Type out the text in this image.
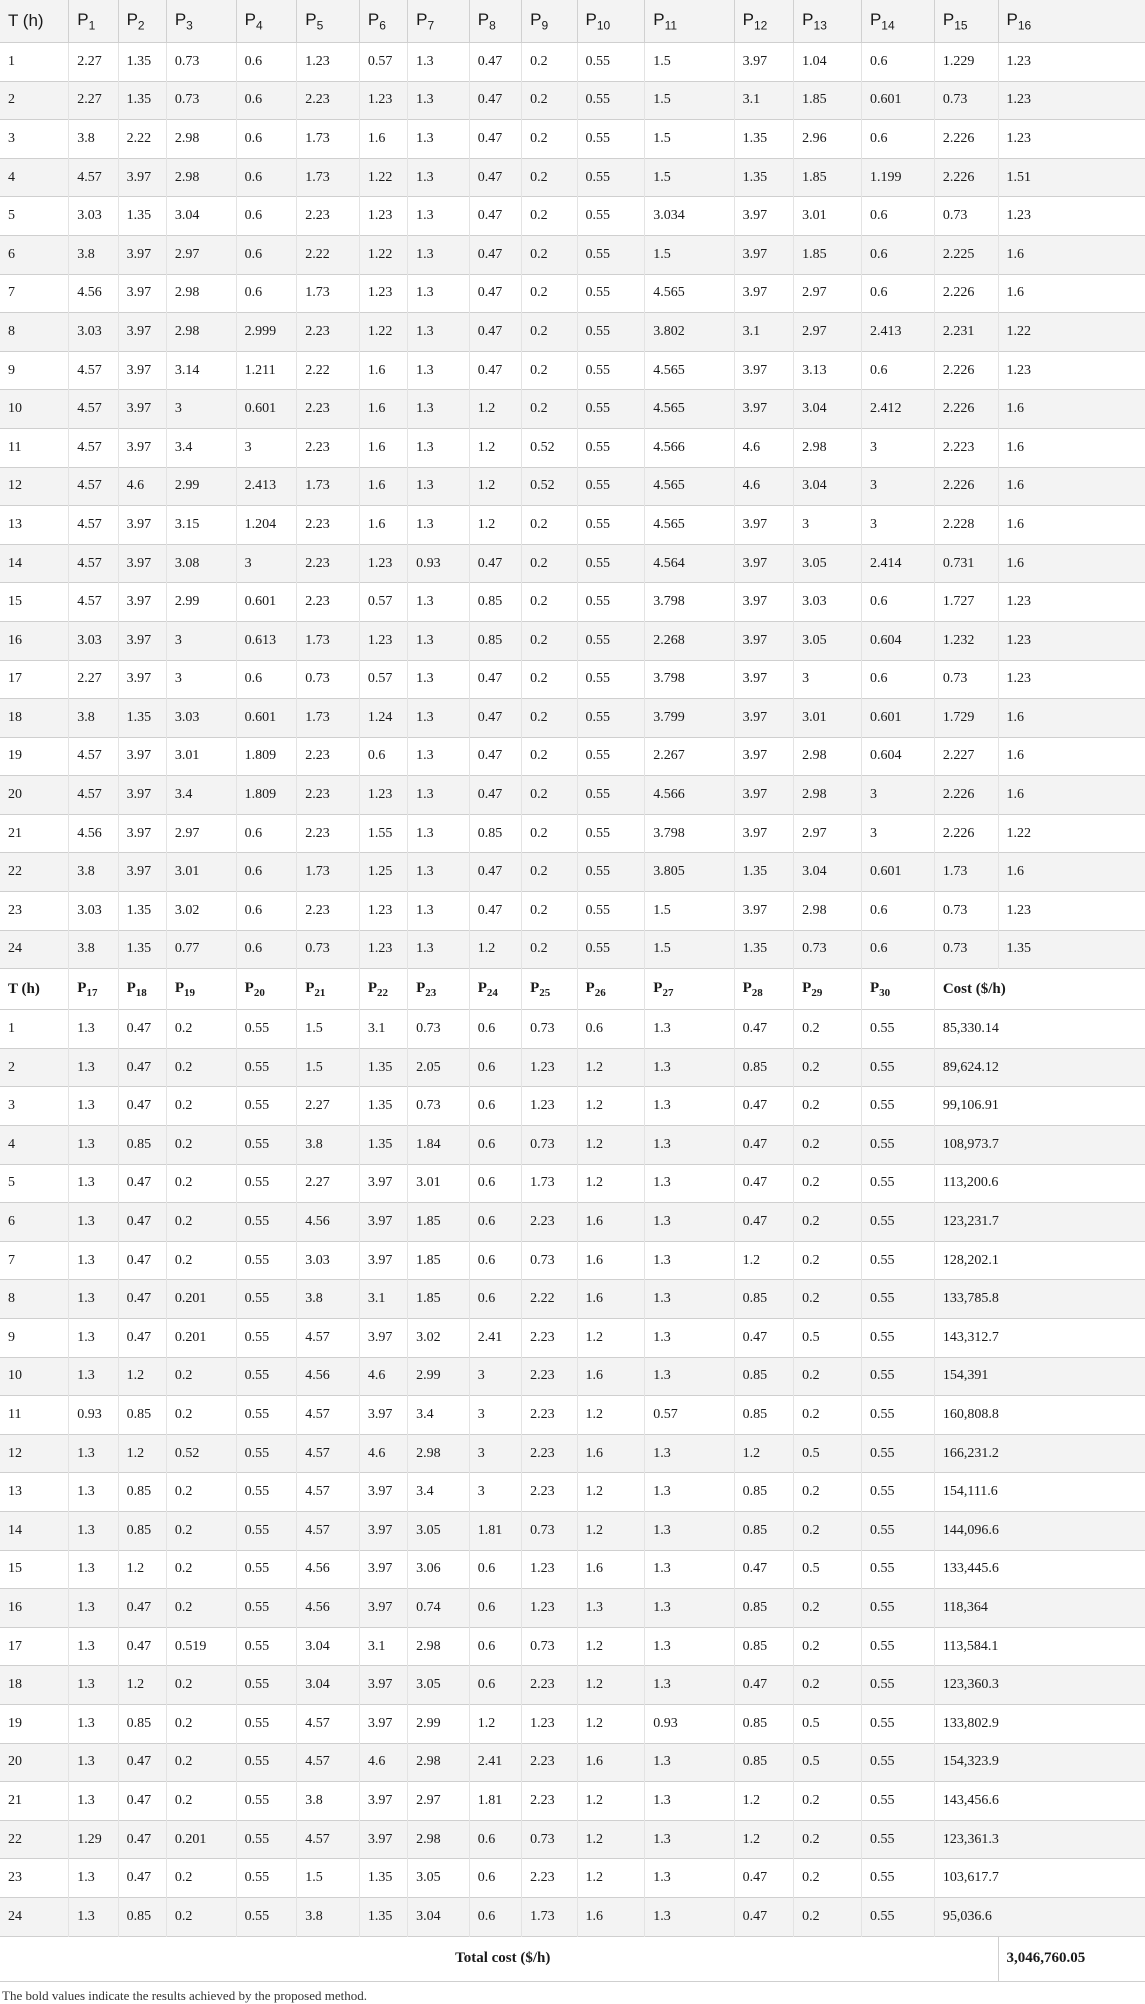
T (h)	$P_1$	$P_2$	$P_3$	$P_4$	$P_5$	$P_6$	$P_7$	$P_8$	$P_9$	$P_{10}$	$P_{11}$	$P_{12}$	$P_{13}$	$P_{14}$	$P_{15}$	$P_{16}$
1	2.27	1.35	0.73	0.6	1.23	0.57	1.3	0.47	0.2	0.55	1.5	3.97	1.04	0.6	1.229	1.23
2	2.27	1.35	0.73	0.6	2.23	1.23	1.3	0.47	0.2	0.55	1.5	3.1	1.85	0.601	0.73	1.23
3	3.8	2.22	2.98	0.6	1.73	1.6	1.3	0.47	0.2	0.55	1.5	1.35	2.96	0.6	2.226	1.23
4	4.57	3.97	2.98	0.6	1.73	1.22	1.3	0.47	0.2	0.55	1.5	1.35	1.85	1.199	2.226	1.51
5	3.03	1.35	3.04	0.6	2.23	1.23	1.3	0.47	0.2	0.55	3.034	3.97	3.01	0.6	0.73	1.23
6	3.8	3.97	2.97	0.6	2.22	1.22	1.3	0.47	0.2	0.55	1.5	3.97	1.85	0.6	2.225	1.6
7	4.56	3.97	2.98	0.6	1.73	1.23	1.3	0.47	0.2	0.55	4.565	3.97	2.97	0.6	2.226	1.6
8	3.03	3.97	2.98	2.999	2.23	1.22	1.3	0.47	0.2	0.55	3.802	3.1	2.97	2.413	2.231	1.22
9	4.57	3.97	3.14	1.211	2.22	1.6	1.3	0.47	0.2	0.55	4.565	3.97	3.13	0.6	2.226	1.23
10	4.57	3.97	3	0.601	2.23	1.6	1.3	1.2	0.2	0.55	4.565	3.97	3.04	2.412	2.226	1.6
11	4.57	3.97	3.4	3	2.23	1.6	1.3	1.2	0.52	0.55	4.566	4.6	2.98	3	2.223	1.6
12	4.57	4.6	2.99	2.413	1.73	1.6	1.3	1.2	0.52	0.55	4.565	4.6	3.04	3	2.226	1.6
13	4.57	3.97	3.15	1.204	2.23	1.6	1.3	1.2	0.2	0.55	4.565	3.97	3	3	2.228	1.6
14	4.57	3.97	3.08	3	2.23	1.23	0.93	0.47	0.2	0.55	4.564	3.97	3.05	2.414	0.731	1.6
15	4.57	3.97	2.99	0.601	2.23	0.57	1.3	0.85	0.2	0.55	3.798	3.97	3.03	0.6	1.727	1.23
16	3.03	3.97	3	0.613	1.73	1.23	1.3	0.85	0.2	0.55	2.268	3.97	3.05	0.604	1.232	1.23
17	2.27	3.97	3	0.6	0.73	0.57	1.3	0.47	0.2	0.55	3.798	3.97	3	0.6	0.73	1.23
18	3.8	1.35	3.03	0.601	1.73	1.24	1.3	0.47	0.2	0.55	3.799	3.97	3.01	0.601	1.729	1.6
19	4.57	3.97	3.01	1.809	2.23	0.6	1.3	0.47	0.2	0.55	2.267	3.97	2.98	0.604	2.227	1.6
20	4.57	3.97	3.4	1.809	2.23	1.23	1.3	0.47	0.2	0.55	4.566	3.97	2.98	3	2.226	1.6
21	4.56	3.97	2.97	0.6	2.23	1.55	1.3	0.85	0.2	0.55	3.798	3.97	2.97	3	2.226	1.22
22	3.8	3.97	3.01	0.6	1.73	1.25	1.3	0.47	0.2	0.55	3.805	1.35	3.04	0.601	1.73	1.6
23	3.03	1.35	3.02	0.6	2.23	1.23	1.3	0.47	0.2	0.55	1.5	3.97	2.98	0.6	0.73	1.23
24	3.8	1.35	0.77	0.6	0.73	1.23	1.3	1.2	0.2	0.55	1.5	1.35	0.73	0.6	0.73	1.35
T (h)	$P_{17}$	$P_{18}$	$P_{19}$	$P_{20}$	$P_{21}$	$P_{22}$	$P_{23}$	$P_{24}$	$P_{25}$	$P_{26}$	$P_{27}$	$P_{28}$	$P_{29}$	$P_{30}$	Cost ($/h)	
1	1.3	0.47	0.2	0.55	1.5	3.1	0.73	0.6	0.73	0.6	1.3	0.47	0.2	0.55	85,330.14	
2	1.3	0.47	0.2	0.55	1.5	1.35	2.05	0.6	1.23	1.2	1.3	0.85	0.2	0.55	89,624.12	
3	1.3	0.47	0.2	0.55	2.27	1.35	0.73	0.6	1.23	1.2	1.3	0.47	0.2	0.55	99,106.91	
4	1.3	0.85	0.2	0.55	3.8	1.35	1.84	0.6	0.73	1.2	1.3	0.47	0.2	0.55	108,973.7	
5	1.3	0.47	0.2	0.55	2.27	3.97	3.01	0.6	1.73	1.2	1.3	0.47	0.2	0.55	113,200.6	
6	1.3	0.47	0.2	0.55	4.56	3.97	1.85	0.6	2.23	1.6	1.3	0.47	0.2	0.55	123,231.7	
7	1.3	0.47	0.2	0.55	3.03	3.97	1.85	0.6	0.73	1.6	1.3	1.2	0.2	0.55	128,202.1	
8	1.3	0.47	0.201	0.55	3.8	3.1	1.85	0.6	2.22	1.6	1.3	0.85	0.2	0.55	133,785.8	
9	1.3	0.47	0.201	0.55	4.57	3.97	3.02	2.41	2.23	1.2	1.3	0.47	0.5	0.55	143,312.7	
10	1.3	1.2	0.2	0.55	4.56	4.6	2.99	3	2.23	1.6	1.3	0.85	0.2	0.55	154,391	
11	0.93	0.85	0.2	0.55	4.57	3.97	3.4	3	2.23	1.2	0.57	0.85	0.2	0.55	160,808.8	
12	1.3	1.2	0.52	0.55	4.57	4.6	2.98	3	2.23	1.6	1.3	1.2	0.5	0.55	166,231.2	
13	1.3	0.85	0.2	0.55	4.57	3.97	3.4	3	2.23	1.2	1.3	0.85	0.2	0.55	154,111.6	
14	1.3	0.85	0.2	0.55	4.57	3.97	3.05	1.81	0.73	1.2	1.3	0.85	0.2	0.55	144,096.6	
15	1.3	1.2	0.2	0.55	4.56	3.97	3.06	0.6	1.23	1.6	1.3	0.47	0.5	0.55	133,445.6	
16	1.3	0.47	0.2	0.55	4.56	3.97	0.74	0.6	1.23	1.3	1.3	0.85	0.2	0.55	118,364	
17	1.3	0.47	0.519	0.55	3.04	3.1	2.98	0.6	0.73	1.2	1.3	0.85	0.2	0.55	113,584.1	
18	1.3	1.2	0.2	0.55	3.04	3.97	3.05	0.6	2.23	1.2	1.3	0.47	0.2	0.55	123,360.3	
19	1.3	0.85	0.2	0.55	4.57	3.97	2.99	1.2	1.23	1.2	0.93	0.85	0.5	0.55	133,802.9	
20	1.3	0.47	0.2	0.55	4.57	4.6	2.98	2.41	2.23	1.6	1.3	0.85	0.5	0.55	154,323.9	
21	1.3	0.47	0.2	0.55	3.8	3.97	2.97	1.81	2.23	1.2	1.3	1.2	0.2	0.55	143,456.6	
22	1.29	0.47	0.201	0.55	4.57	3.97	2.98	0.6	0.73	1.2	1.3	1.2	0.2	0.55	123,361.3	
23	1.3	0.47	0.2	0.55	1.5	1.35	3.05	0.6	2.23	1.2	1.3	0.47	0.2	0.55	103,617.7	
24	1.3	0.85	0.2	0.55	3.8	1.35	3.04	0.6	1.73	1.6	1.3	0.47	0.2	0.55	95,036.6	
Total cost ($/h)																3,046,760.05
The bold values indicate the results achieved by the proposed method.
